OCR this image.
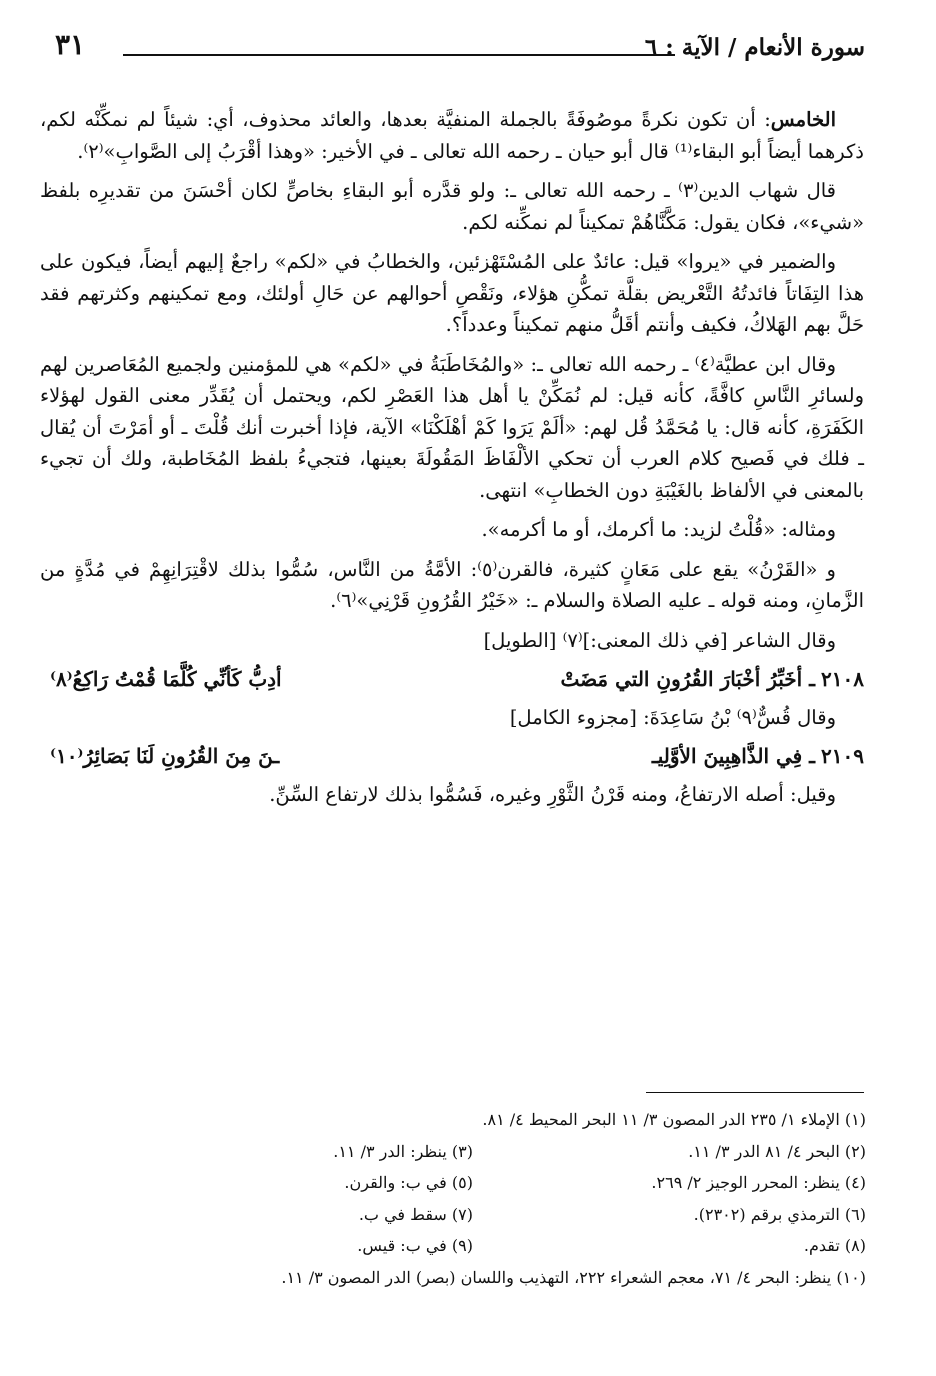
سورة الأنعام / الآية : ٦
٣١

الخامس: أن تكون نكرةً موصُوفَةً بالجملة المنفيَّة بعدها، والعائد محذوف، أي: شيئاً لم نمكِّنْه لكم، ذكرهما أيضاً أبو البقاء⁽¹⁾ قال أبو حيان ـ رحمه الله تعالى ـ في الأخير: «وهذا أقْرَبُ إلى الصَّوابِ»⁽٢⁾.

قال شهاب الدين⁽٣⁾ ـ رحمه الله تعالى ـ: ولو قدَّره أبو البقاءِ بخاصٍّ لكان أحْسَنَ من تقديرِه بلفظ «شيء»، فكان يقول: مَكَّنَّاهُمْ تمكيناً لم نمكِّنه لكم.

والضمير في «يروا» قيل: عائدٌ على المُسْتَهْزئين، والخطابُ في «لكم» راجعٌ إليهم أيضاً، فيكون على هذا التِفَاتاً فائدتُهُ التَّعْريض بقلَّة تمكُّنِ هؤلاء، ونَقْصِ أحوالهم عن حَالِ أولئك، ومع تمكينهم وكثرتهم فقد حَلَّ بهم الهَلاكُ، فكيف وأنتم أقَلُّ منهم تمكيناً وعدداً؟.

وقال ابن عطيَّة⁽٤⁾ ـ رحمه الله تعالى ـ: «والمُخَاطَبَةُ في «لكم» هي للمؤمنين ولجميع المُعَاصرين لهم ولسائرِ النَّاسِ كافَّةً، كأنه قيل: لم نُمَكِّنْ يا أهل هذا العَصْرِ لكم، ويحتمل أن يُقَدِّر معنى القول لهؤلاء الكَفَرَةِ، كأنه قال: يا مُحَمَّدُ قُل لهم: «ألَمْ يَرَوا كَمْ أهْلَكْنَا» الآية، فإذا أخبرت أنك قُلْتَ ـ أو أمَرْتَ أن يُقال ـ فلك في فَصيح كلام العرب أن تحكي الألْفَاظَ المَقُولَةَ بعينها، فتجيءُ بلفظ المُخَاطبة، ولك أن تجيء بالمعنى في الألفاظ بالغَيْبَةِ دون الخطابِ» انتهى.

ومثاله: «قُلْتُ لزيد: ما أكرمك، أو ما أكرمه».

و «القَرْنُ» يقع على مَعَانٍ كثيرة، فالقرن⁽٥⁾: الأمَّةُ من النَّاس، سُمُّوا بذلك لاقْتِرَانِهِمْ في مُدَّةٍ من الزَّمانِ، ومنه قوله ـ عليه الصلاة والسلام ـ: «خَيْرُ القُرُونِ قَرْنِي»⁽٦⁾.

وقال الشاعر [في ذلك المعنى:]⁽٧⁾ [الطويل]

٢١٠٨ـ أخَبِّرُ أخْبَارَ القُرُونِ التي مَضَتْ
أدِبُّ كَأنِّي كُلَّمَا قُمْتُ رَاكِعُ⁽٨⁾

وقال قُسٌّ⁽٩⁾ بْنُ سَاعِدَةَ: [مجزوء الكامل]

٢١٠٩ـ فِي الذَّاهِبِينَ الأوَّلِيـ
ـنَ مِنَ القُرُونِ لَنَا بَصَائِرُ⁽١٠⁾

وقيل: أصله الارتفاعُ، ومنه قَرْنُ الثَّوْرِ وغيره، فَسُمُّوا بذلك لارتفاع السِّنِّ.

(١) الإملاء ١/ ٢٣٥ الدر المصون ٣/ ١١ البحر المحيط ٤/ ٨١.
(٢) البحر ٤/ ٨١ الدر ٣/ ١١.
(٣) ينظر: الدر ٣/ ١١.
(٤) ينظر: المحرر الوجيز ٢/ ٢٦٩.
(٥) في ب: والقرن.
(٦) الترمذي برقم (٢٣٠٢).
(٧) سقط في ب.
(٨) تقدم.
(٩) في ب: قيس.
(١٠) ينظر: البحر ٤/ ٧١، معجم الشعراء ٢٢٢، التهذيب واللسان (بصر) الدر المصون ٣/ ١١.
